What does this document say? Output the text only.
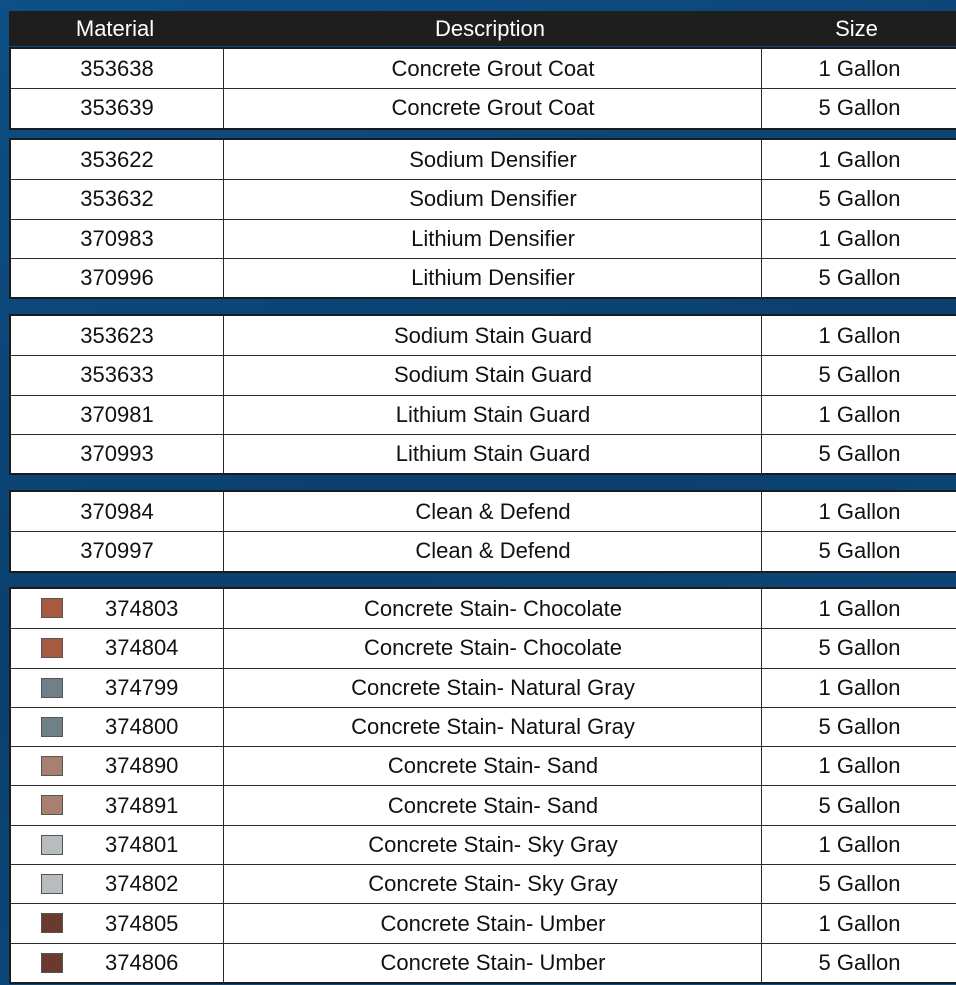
Material	Description	Size
353638	Concrete Grout Coat	1 Gallon
353639	Concrete Grout Coat	5 Gallon
353622	Sodium Densifier	1 Gallon
353632	Sodium Densifier	5 Gallon
370983	Lithium Densifier	1 Gallon
370996	Lithium Densifier	5 Gallon
353623	Sodium Stain Guard	1 Gallon
353633	Sodium Stain Guard	5 Gallon
370981	Lithium Stain Guard	1 Gallon
370993	Lithium Stain Guard	5 Gallon
370984	Clean & Defend	1 Gallon
370997	Clean & Defend	5 Gallon
374803	Concrete Stain- Chocolate	1 Gallon
374804	Concrete Stain- Chocolate	5 Gallon
374799	Concrete Stain- Natural Gray	1 Gallon
374800	Concrete Stain- Natural Gray	5 Gallon
374890	Concrete Stain- Sand	1 Gallon
374891	Concrete Stain- Sand	5 Gallon
374801	Concrete Stain- Sky Gray	1 Gallon
374802	Concrete Stain- Sky Gray	5 Gallon
374805	Concrete Stain- Umber	1 Gallon
374806	Concrete Stain- Umber	5 Gallon
